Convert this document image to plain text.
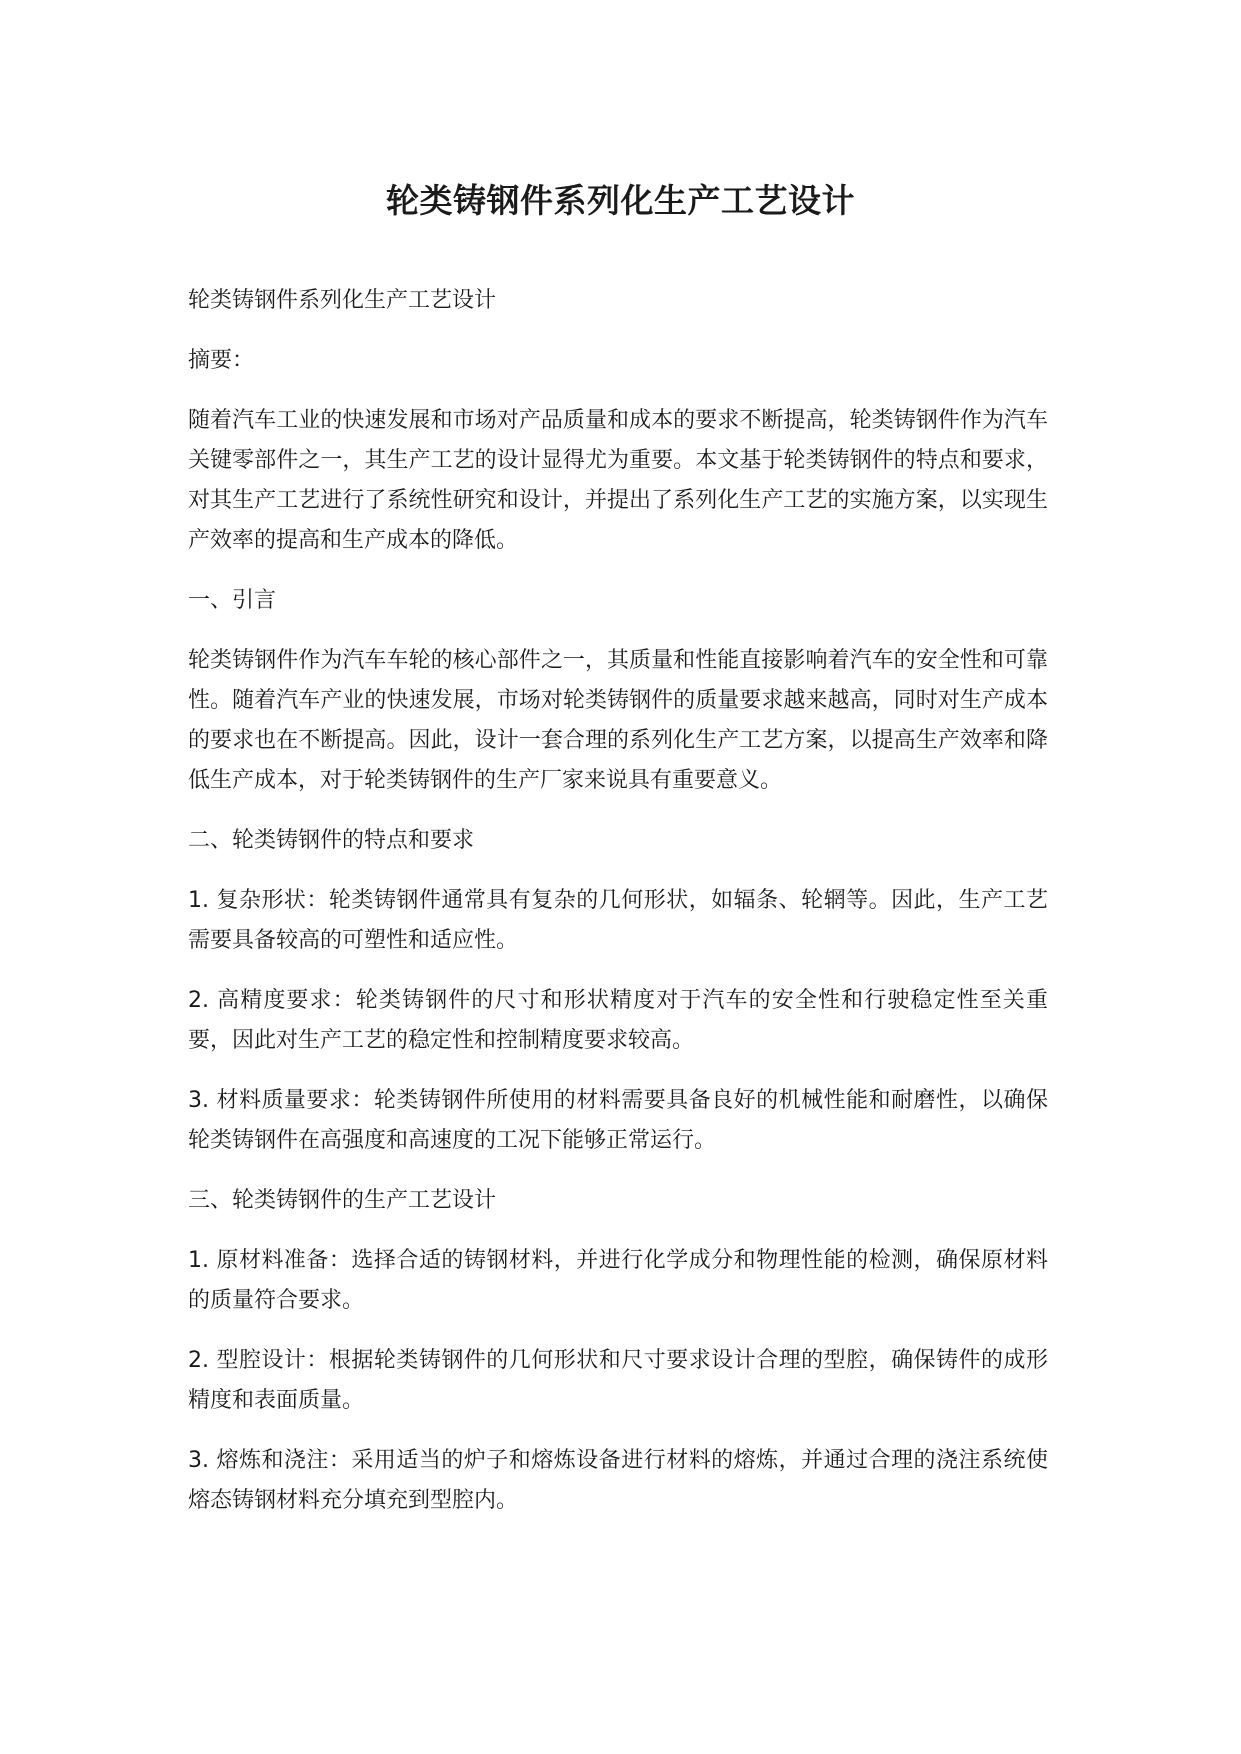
轮类铸钢件系列化生产工艺设计

轮类铸钢件系列化生产工艺设计

摘要：

随着汽车工业的快速发展和市场对产品质量和成本的要求不断提高，轮类铸钢件作为汽车关键零部件之一，其生产工艺的设计显得尤为重要。本文基于轮类铸钢件的特点和要求，对其生产工艺进行了系统性研究和设计，并提出了系列化生产工艺的实施方案，以实现生产效率的提高和生产成本的降低。

一、引言

轮类铸钢件作为汽车车轮的核心部件之一，其质量和性能直接影响着汽车的安全性和可靠性。随着汽车产业的快速发展，市场对轮类铸钢件的质量要求越来越高，同时对生产成本的要求也在不断提高。因此，设计一套合理的系列化生产工艺方案，以提高生产效率和降低生产成本，对于轮类铸钢件的生产厂家来说具有重要意义。

二、轮类铸钢件的特点和要求

1. 复杂形状：轮类铸钢件通常具有复杂的几何形状，如辐条、轮辋等。因此，生产工艺需要具备较高的可塑性和适应性。

2. 高精度要求：轮类铸钢件的尺寸和形状精度对于汽车的安全性和行驶稳定性至关重要，因此对生产工艺的稳定性和控制精度要求较高。

3. 材料质量要求：轮类铸钢件所使用的材料需要具备良好的机械性能和耐磨性，以确保轮类铸钢件在高强度和高速度的工况下能够正常运行。

三、轮类铸钢件的生产工艺设计

1. 原材料准备：选择合适的铸钢材料，并进行化学成分和物理性能的检测，确保原材料的质量符合要求。

2. 型腔设计：根据轮类铸钢件的几何形状和尺寸要求设计合理的型腔，确保铸件的成形精度和表面质量。

3. 熔炼和浇注：采用适当的炉子和熔炼设备进行材料的熔炼，并通过合理的浇注系统使熔态铸钢材料充分填充到型腔内。
